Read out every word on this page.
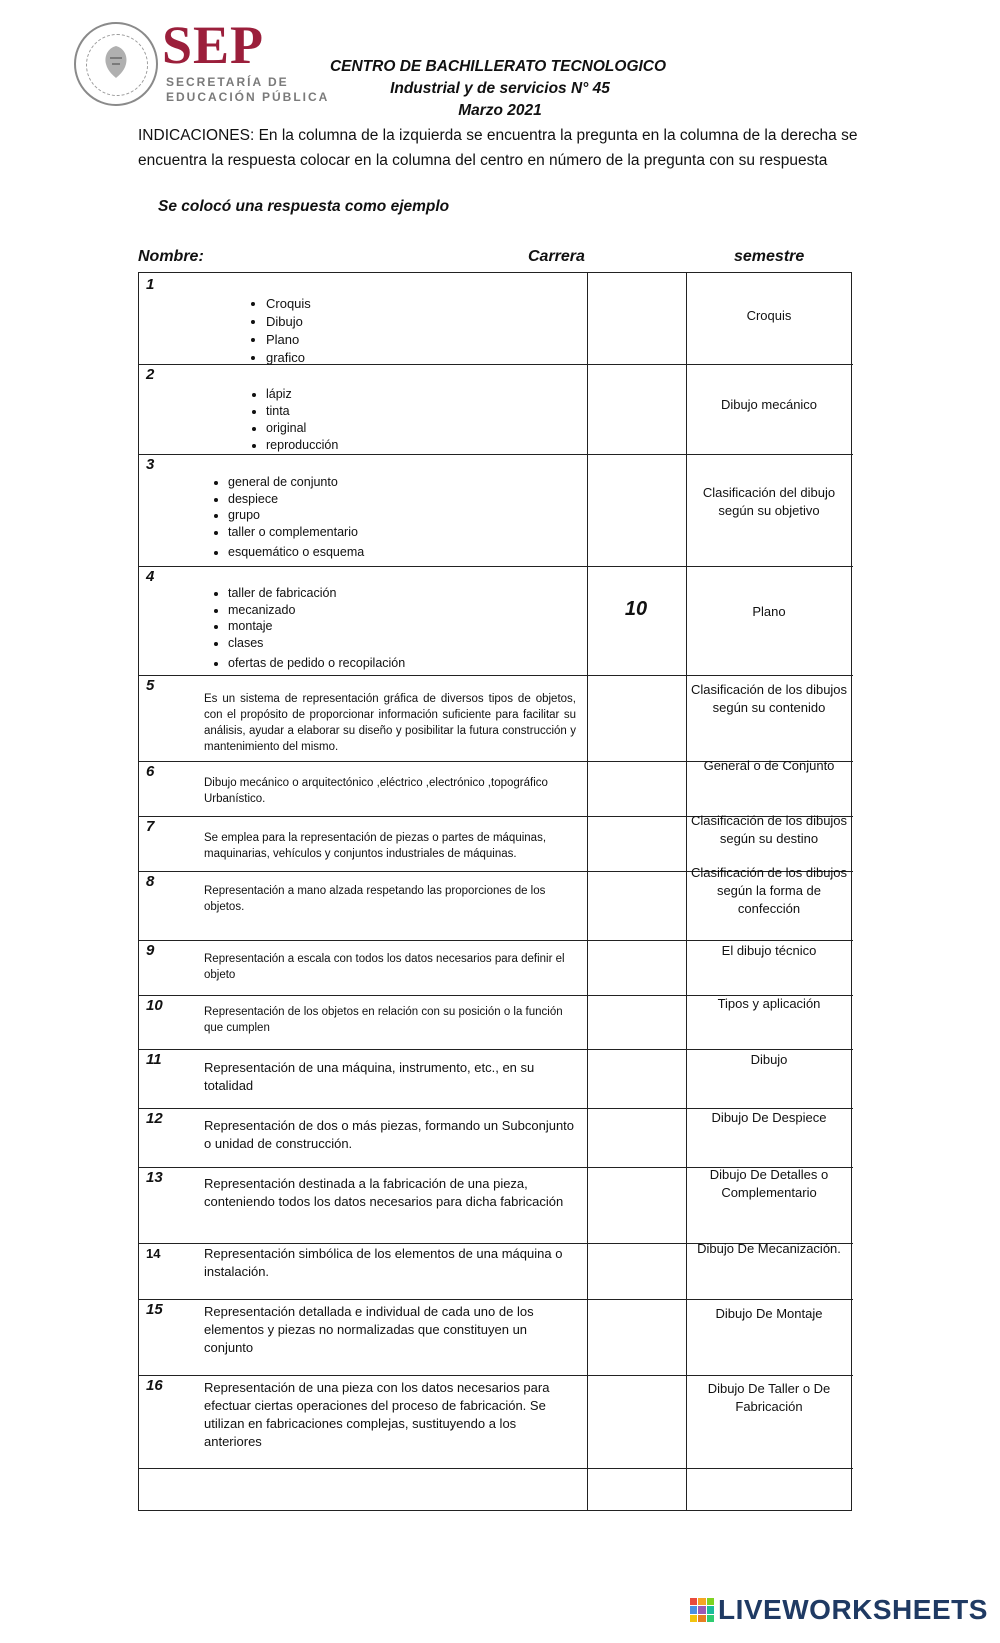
SEP
SECRETARÍA DE
EDUCACIÓN PÚBLICA
CENTRO DE BACHILLERATO TECNOLOGICO
Industrial y de servicios N° 45
Marzo 2021
INDICACIONES: En la columna de la izquierda se encuentra la pregunta en la columna de la derecha se encuentra la respuesta colocar en la columna del centro en número de la pregunta con su respuesta
Se colocó una respuesta como ejemplo
Nombre:	Carrera	semestre
1
2
3
4
5
6
7
8
9
10
11
12
13
14
15
16
• Croquis
• Dibujo
• Plano
• grafico
• lápiz
• tinta
• original
• reproducción
• general de conjunto
• despiece
• grupo
• taller o complementario
• esquemático o esquema
• taller de fabricación
• mecanizado
• montaje
• clases
• ofertas de pedido o recopilación
Es un sistema de representación gráfica de diversos tipos de objetos, con el propósito de proporcionar información suficiente para facilitar su análisis, ayudar a elaborar su diseño y posibilitar la futura construcción y mantenimiento del mismo.
Dibujo mecánico o arquitectónico ,eléctrico ,electrónico ,topográfico Urbanístico.
Se emplea para la representación de piezas o partes de máquinas, maquinarias, vehículos y conjuntos industriales de máquinas.
Representación a mano alzada respetando las proporciones de los objetos.
Representación a escala con todos los datos necesarios para definir el objeto
Representación de los objetos en relación con su posición o la función que cumplen
Representación de una máquina, instrumento, etc., en su totalidad
Representación de dos o más piezas, formando un Subconjunto o unidad de construcción.
Representación destinada a la fabricación de una pieza, conteniendo todos los datos necesarios para dicha fabricación
Representación simbólica de los elementos de una máquina o instalación.
Representación detallada e individual de cada uno de los elementos y piezas no normalizadas que constituyen un conjunto
Representación de una pieza con los datos necesarios para efectuar ciertas operaciones del proceso de fabricación. Se utilizan en fabricaciones complejas, sustituyendo a los anteriores
10
Croquis
Dibujo mecánico
Clasificación del dibujo según su objetivo
Plano
Clasificación de los dibujos según su contenido
General o de Conjunto
Clasificación de los dibujos según su destino
Clasificación de los dibujos según la forma de confección
El dibujo técnico
Tipos y aplicación
Dibujo
Dibujo De Despiece
Dibujo De Detalles o Complementario
Dibujo De Mecanización.
Dibujo De Montaje
Dibujo De Taller o De Fabricación
LIVEWORKSHEETS
